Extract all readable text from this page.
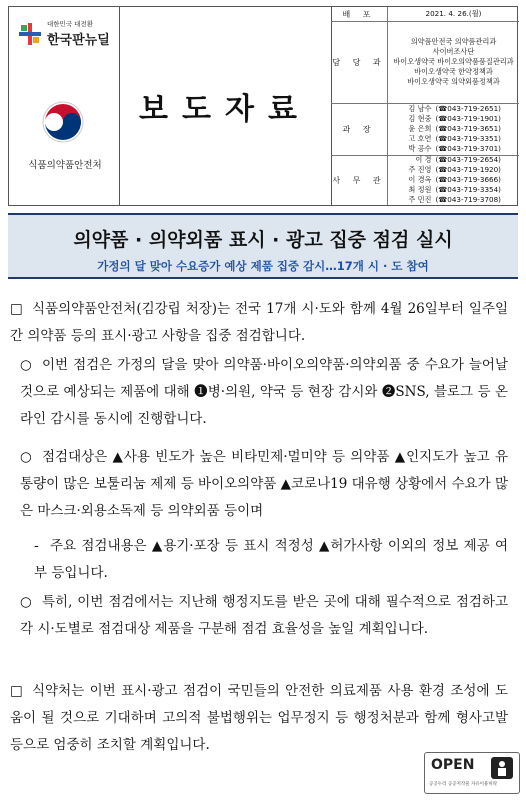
대한민국 대전환
한국판뉴딜
식품의약품안전처
보도자료
배 포	2021. 4. 26.(월)
담 당 과
의약품안전국 의약품관리과
사이버조사단
바이오생약국 바이오의약품품질관리과
바이오생약국 한약정책과
바이오생약국 의약외품정책과
과 장
김 남수 (☎043-719-2651)
김 현중 (☎043-719-1901)
윤 은희 (☎043-719-3651)
고 호연 (☎043-719-3351)
박 공수 (☎043-719-3701)
사 무 관
이 경 (☎043-719-2654)
주 진영 (☎043-719-1920)
이 경옥 (☎043-719-3666)
최 정원 (☎043-719-3354)
주 민진 (☎043-719-3708)
의약품 · 의약외품 표시 · 광고 집중 점검 실시
가정의 달 맞아 수요증가 예상 제품 집중 감시…17개 시 · 도 참여
□ 식품의약품안전처(김강립 처장)는 전국 17개 시·도와 함께 4월 26일부터 일주일간 의약품 등의 표시·광고 사항을 집중 점검합니다.
○ 이번 점검은 가정의 달을 맞아 의약품·바이오의약품·의약외품 중 수요가 늘어날 것으로 예상되는 제품에 대해 ❶병·의원, 약국 등 현장 감시와 ❷SNS, 블로그 등 온라인 감시를 동시에 진행합니다.
○ 점검대상은 ▲사용 빈도가 높은 비타민제·멀미약 등 의약품 ▲인지도가 높고 유통량이 많은 보툴리눔 제제 등 바이오의약품 ▲코로나19 대유행 상황에서 수요가 많은 마스크·외용소독제 등 의약외품 등이며
- 주요 점검내용은 ▲용기·포장 등 표시 적정성 ▲허가사항 이외의 정보 제공 여부 등입니다.
○ 특히, 이번 점검에서는 지난해 행정지도를 받은 곳에 대해 필수적으로 점검하고 각 시·도별로 점검대상 제품을 구분해 점검 효율성을 높일 계획입니다.
□ 식약처는 이번 표시·광고 점검이 국민들의 안전한 의료제품 사용 환경 조성에 도움이 될 것으로 기대하며 고의적 불법행위는 업무정지 등 행정처분과 함께 형사고발 등으로 엄중히 조치할 계획입니다.
OPEN
공공누리 공공저작물 자유이용허락
